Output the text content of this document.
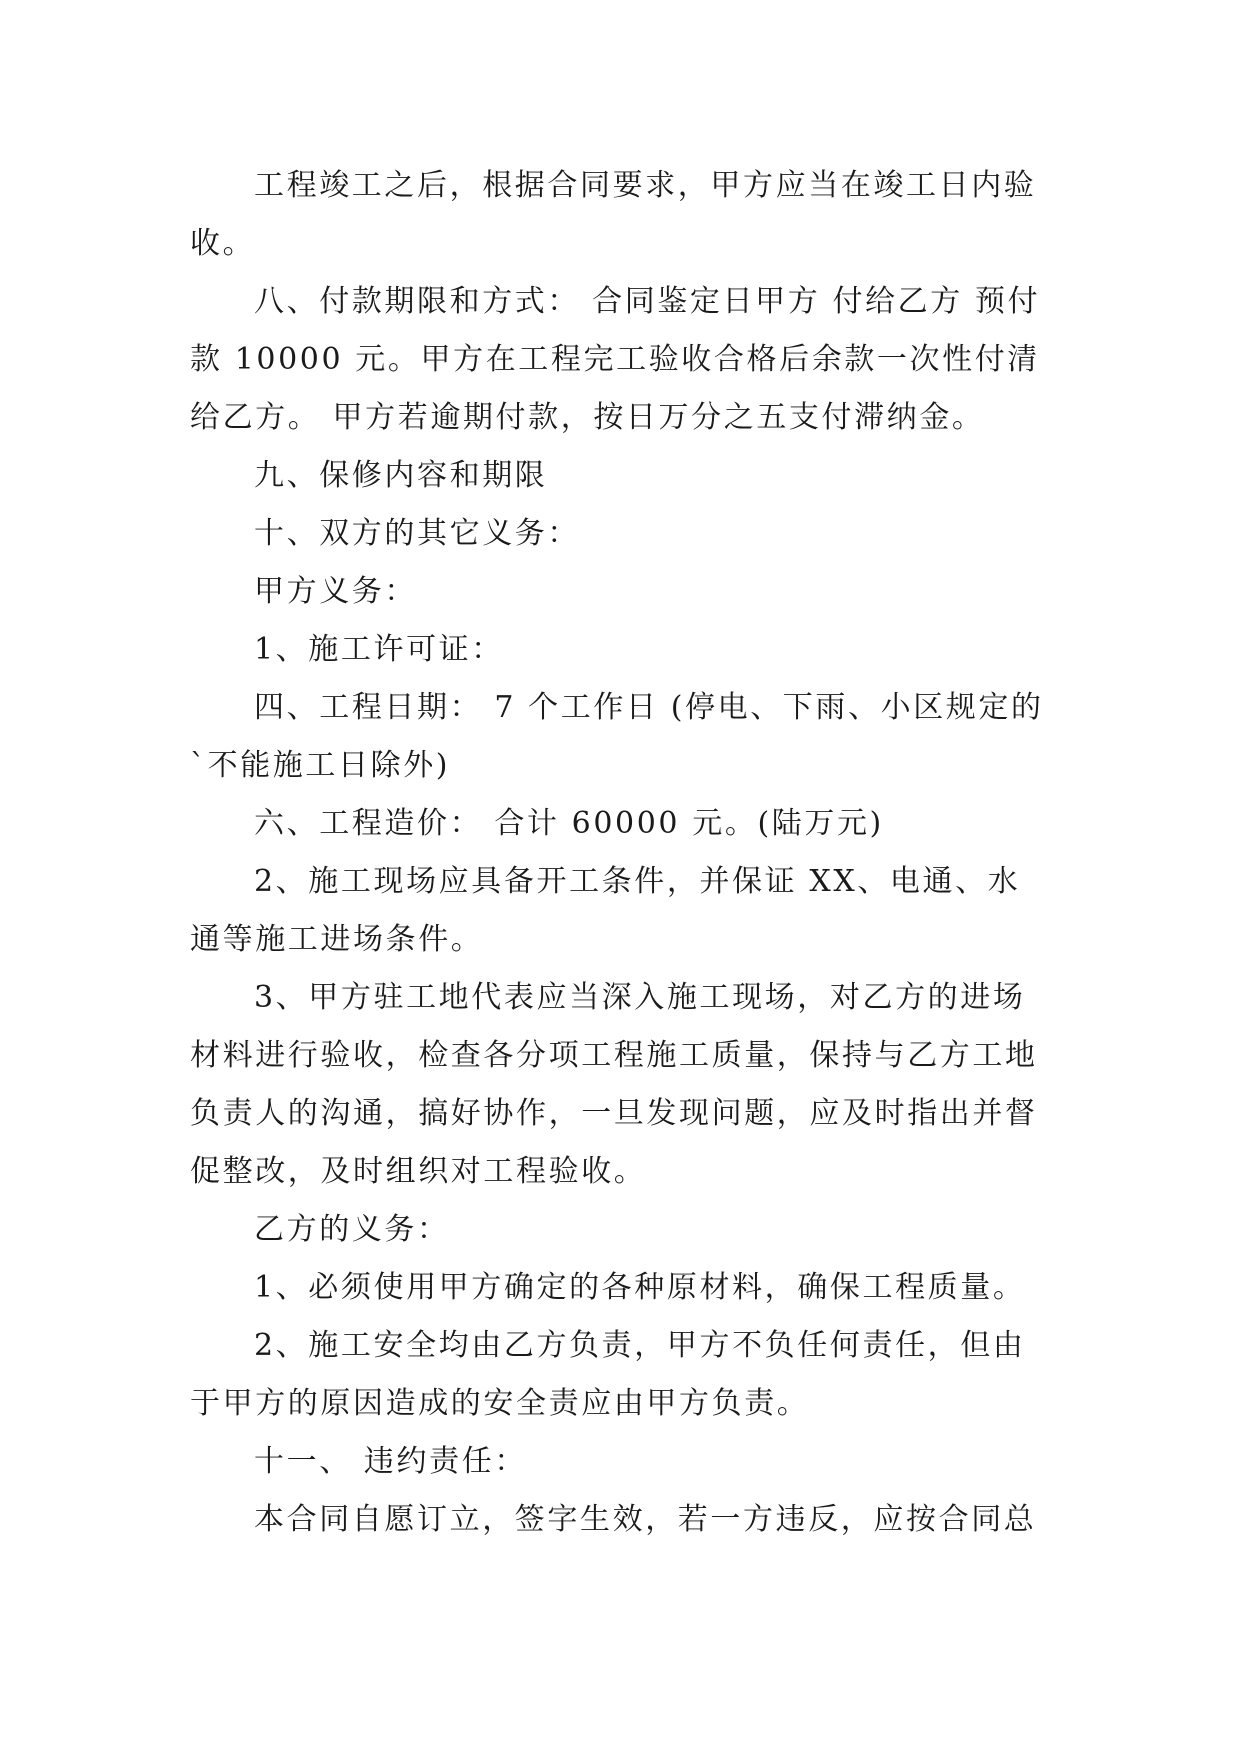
工程竣工之后，根据合同要求，甲方应当在竣工日内验收。

八、付款期限和方式： 合同鉴定日甲方 付给乙方 预付款 10000 元。甲方在工程完工验收合格后余款一次性付清给乙方。 甲方若逾期付款，按日万分之五支付滞纳金。

九、保修内容和期限

十、双方的其它义务：

甲方义务：

1、施工许可证：

四、工程日期： 7 个工作日 (停电、下雨、小区规定的`不能施工日除外)

六、工程造价： 合计 60000 元。(陆万元)

2、施工现场应具备开工条件，并保证 XX、电通、水通等施工进场条件。

3、甲方驻工地代表应当深入施工现场，对乙方的进场材料进行验收，检查各分项工程施工质量，保持与乙方工地负责人的沟通，搞好协作，一旦发现问题，应及时指出并督促整改，及时组织对工程验收。

乙方的义务：

1、必须使用甲方确定的各种原材料，确保工程质量。

2、施工安全均由乙方负责，甲方不负任何责任，但由于甲方的原因造成的安全责应由甲方负责。

十一、 违约责任：

本合同自愿订立，签字生效，若一方违反，应按合同总
